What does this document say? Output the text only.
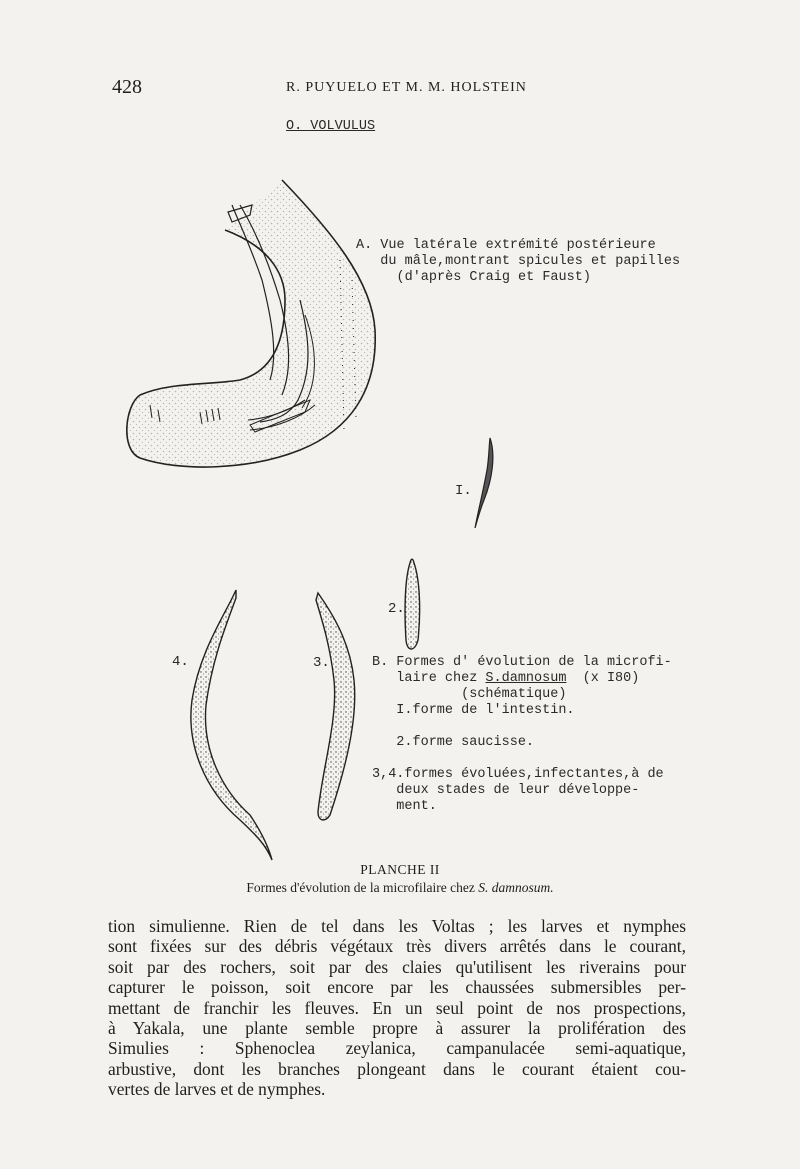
428	R. PUYUELO ET M. M. HOLSTEIN
O. VOLVULUS
A. Vue latérale extrémité postérieure
du mâle,montrant spicules et papilles
(d'après Craig et Faust)
I.
2.
3.
4.	B. Formes d' évolution de la microfi-
laire chez S.damnosum  (x I80)
(schématique)
I.forme de l'intestin.

2.forme saucisse.

3,4.formes évoluées,infectantes,à de
deux stades de leur développe-
ment.
PLANCHE II
Formes d'évolution de la microfilaire chez S. damnosum.
tion simulienne. Rien de tel dans les Voltas ; les larves et nymphes
sont fixées sur des débris végétaux très divers arrêtés dans le courant,
soit par des rochers, soit par des claies qu'utilisent les riverains pour
capturer le poisson, soit encore par les chaussées submersibles per-
mettant de franchir les fleuves. En un seul point de nos prospections,
à Yakala, une plante semble propre à assurer la prolifération des
Simulies : Sphenoclea zeylanica, campanulacée semi-aquatique,
arbustive, dont les branches plongeant dans le courant étaient cou-
vertes de larves et de nymphes.
